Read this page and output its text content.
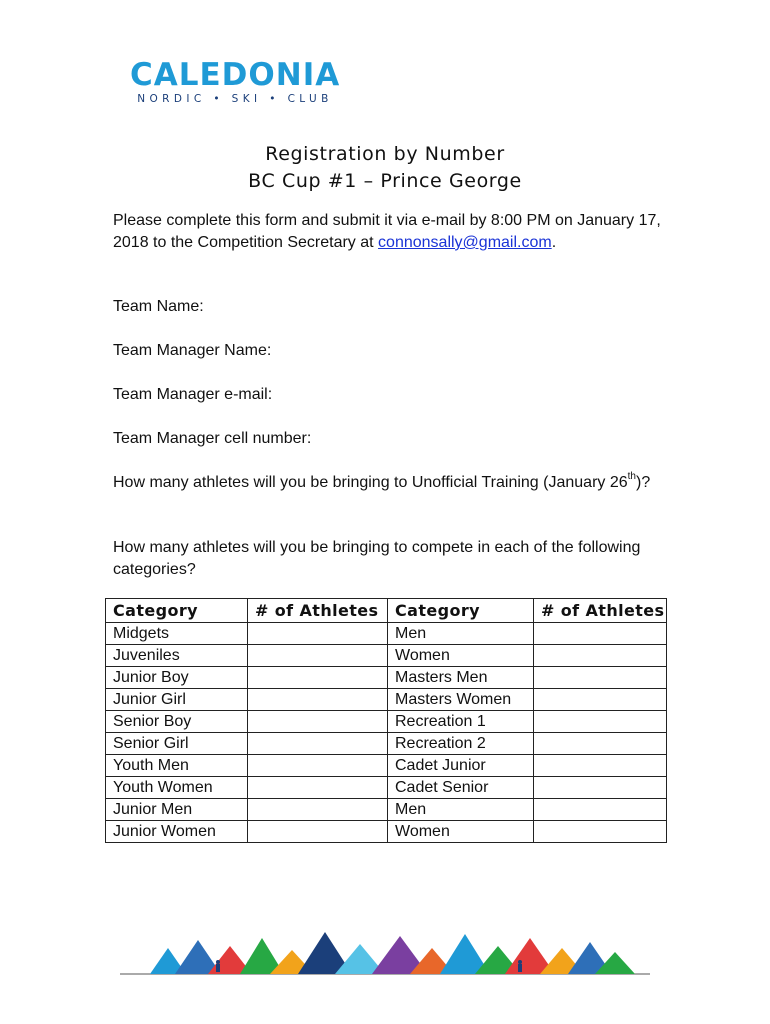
CALEDONIA
NORDIC • SKI • CLUB
Registration by Number
BC Cup #1 – Prince George
Please complete this form and submit it via e-mail by 8:00 PM on January 17, 2018 to the Competition Secretary at connonsally@gmail.com.
Team Name:
Team Manager Name:
Team Manager e-mail:
Team Manager cell number:
How many athletes will you be bringing to Unofficial Training (January 26th)?
How many athletes will you be bringing to compete in each of the following categories?
Category	# of Athletes	Category	# of Athletes
Midgets		Men	
Juveniles		Women	
Junior Boy		Masters Men	
Junior Girl		Masters Women	
Senior Boy		Recreation 1	
Senior Girl		Recreation 2	
Youth Men		Cadet Junior	
Youth Women		Cadet Senior	
Junior Men		Men	
Junior Women		Women	
